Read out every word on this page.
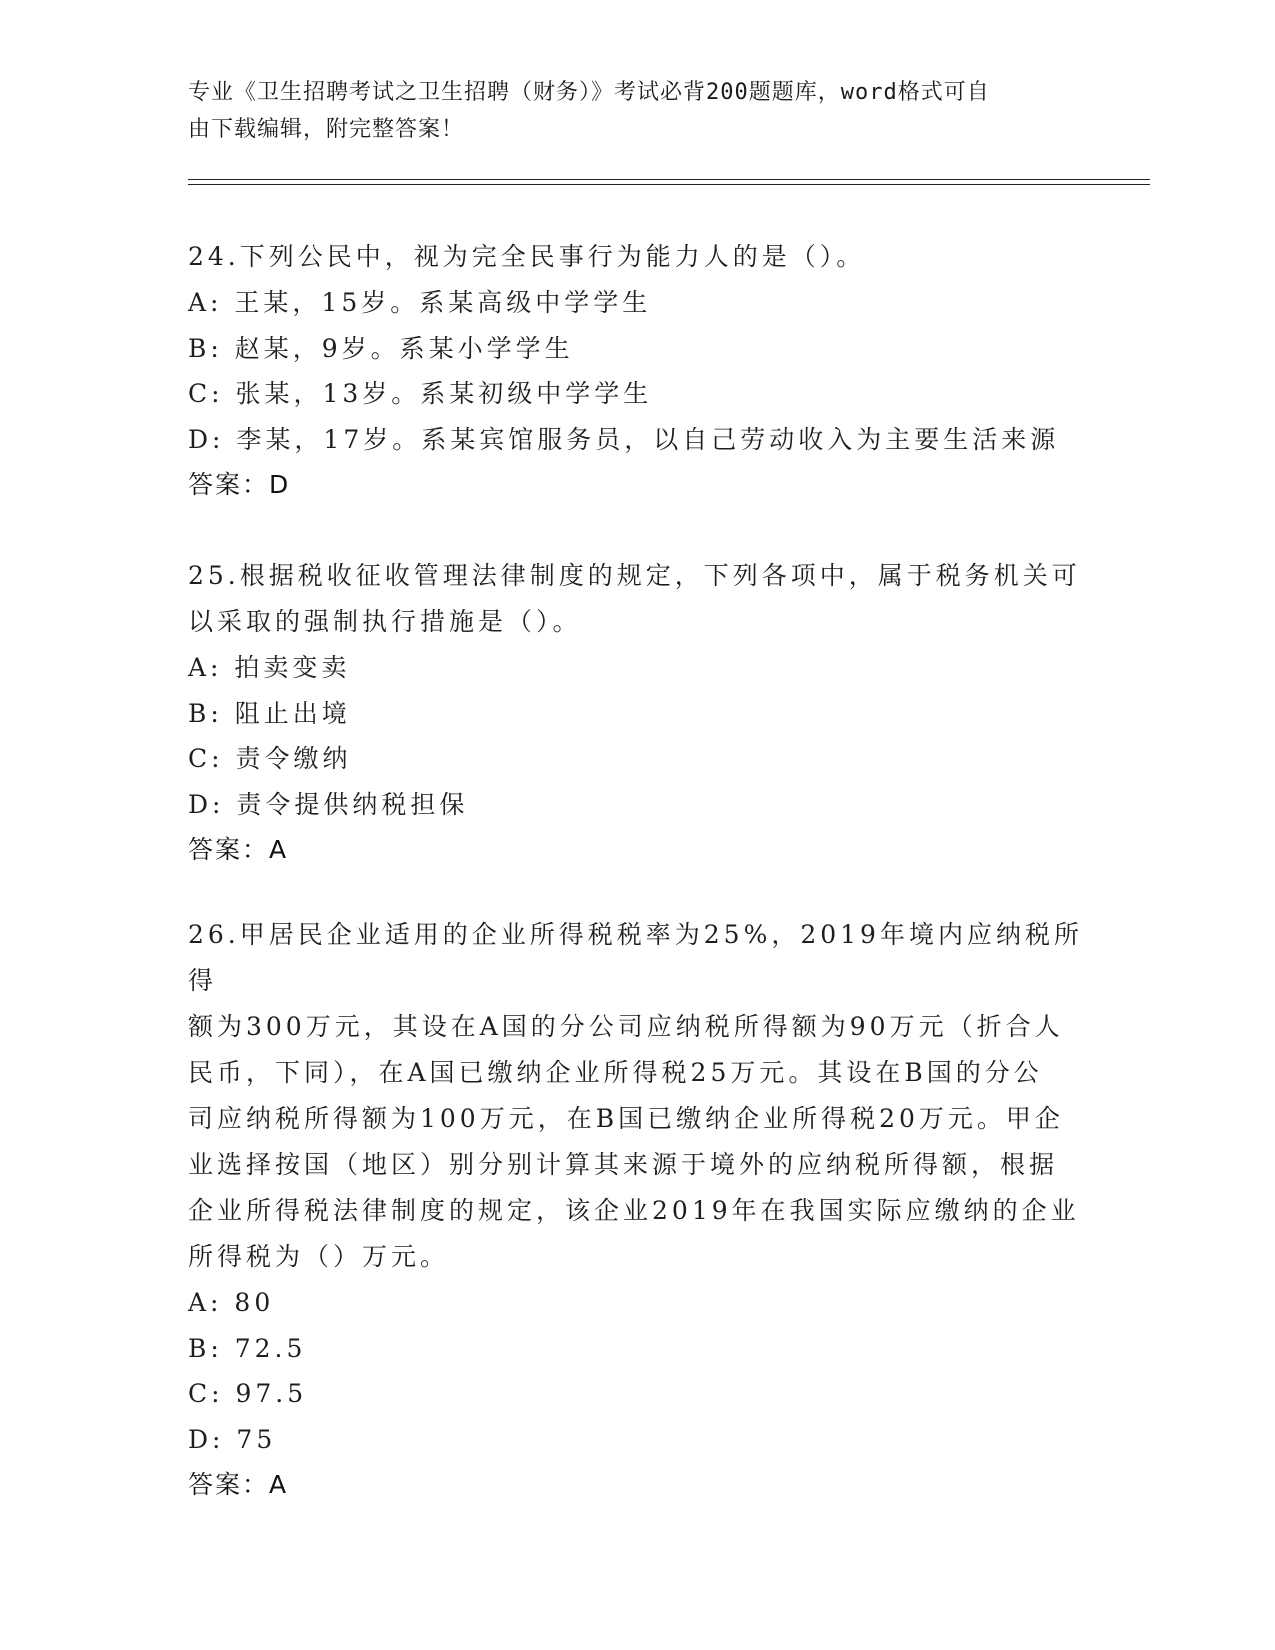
专业《卫生招聘考试之卫生招聘（财务）》考试必背200题题库，word格式可自
由下载编辑，附完整答案！

24.下列公民中，视为完全民事行为能力人的是（）。

A: 王某，15岁。系某高级中学学生

B: 赵某，9岁。系某小学学生

C: 张某，13岁。系某初级中学学生

D: 李某，17岁。系某宾馆服务员，以自己劳动收入为主要生活来源

答案：D

25.根据税收征收管理法律制度的规定，下列各项中，属于税务机关可

以采取的强制执行措施是（）。

A: 拍卖变卖

B: 阻止出境

C: 责令缴纳

D: 责令提供纳税担保

答案：A

26.甲居民企业适用的企业所得税税率为25%，2019年境内应纳税所得

额为300万元，其设在A国的分公司应纳税所得额为90万元（折合人

民币，下同），在A国已缴纳企业所得税25万元。其设在B国的分公

司应纳税所得额为100万元，在B国已缴纳企业所得税20万元。甲企

业选择按国（地区）别分别计算其来源于境外的应纳税所得额，根据

企业所得税法律制度的规定，该企业2019年在我国实际应缴纳的企业

所得税为（）万元。

A: 80

B: 72.5

C: 97.5

D: 75

答案：A
